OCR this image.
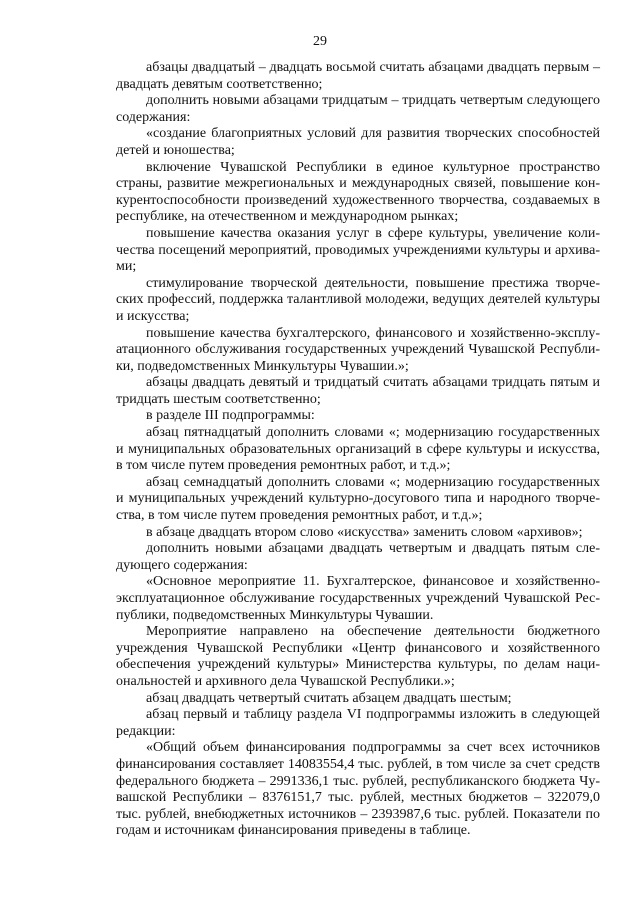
29

абзацы двадцатый – двадцать восьмой считать абзацами двадцать первым – двадцать девятым соответственно;

дополнить новыми абзацами тридцатым – тридцать четвертым следующего содержания:

«создание благоприятных условий для развития творческих способностей детей и юношества;

включение Чувашской Республики в единое культурное пространство страны, развитие межрегиональных и международных связей, повышение конкурентоспособности произведений художественного творчества, создаваемых в республике, на отечественном и международном рынках;

повышение качества оказания услуг в сфере культуры, увеличение количества посещений мероприятий, проводимых учреждениями культуры и архивами;

стимулирование творческой деятельности, повышение престижа творческих профессий, поддержка талантливой молодежи, ведущих деятелей культуры и искусства;

повышение качества бухгалтерского, финансового и хозяйственно-эксплуатационного обслуживания государственных учреждений Чувашской Республики, подведомственных Минкультуры Чувашии.»;

абзацы двадцать девятый и тридцатый считать абзацами тридцать пятым и тридцать шестым соответственно;

в разделе III подпрограммы:

абзац пятнадцатый дополнить словами «; модернизацию государственных и муниципальных образовательных организаций в сфере культуры и искусства, в том числе путем проведения ремонтных работ, и т.д.»;

абзац семнадцатый дополнить словами «; модернизацию государственных и муниципальных учреждений культурно-досугового типа и народного творчества, в том числе путем проведения ремонтных работ, и т.д.»;

в абзаце двадцать втором слово «искусства» заменить словом «архивов»;

дополнить новыми абзацами двадцать четвертым и двадцать пятым следующего содержания:

«Основное мероприятие 11. Бухгалтерское, финансовое и хозяйственно-эксплуатационное обслуживание государственных учреждений Чувашской Республики, подведомственных Минкультуры Чувашии.

Мероприятие направлено на обеспечение деятельности бюджетного учреждения Чувашской Республики «Центр финансового и хозяйственного обеспечения учреждений культуры» Министерства культуры, по делам национальностей и архивного дела Чувашской Республики.»;

абзац двадцать четвертый считать абзацем двадцать шестым;

абзац первый и таблицу раздела VI подпрограммы изложить в следующей редакции:

«Общий объем финансирования подпрограммы за счет всех источников финансирования составляет 14083554,4 тыс. рублей, в том числе за счет средств федерального бюджета – 2991336,1 тыс. рублей, республиканского бюджета Чувашской Республики – 8376151,7 тыс. рублей, местных бюджетов – 322079,0 тыс. рублей, внебюджетных источников – 2393987,6 тыс. рублей. Показатели по годам и источникам финансирования приведены в таблице.
